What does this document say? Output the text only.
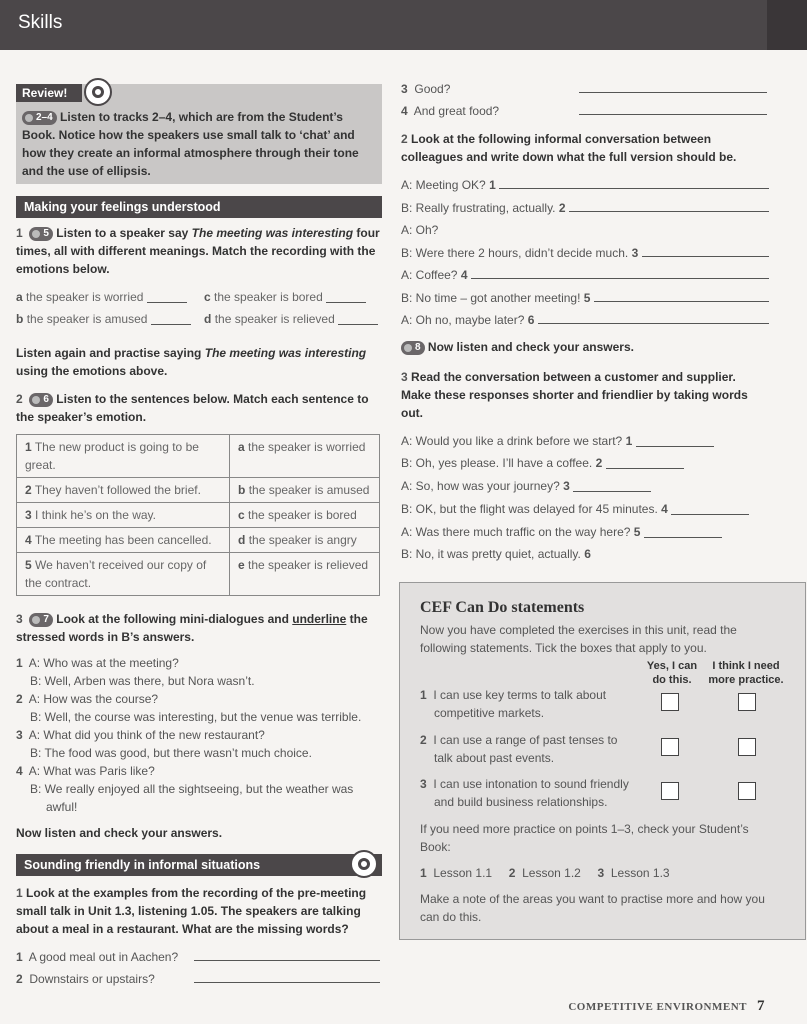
Skills
Review!
2–4 Listen to tracks 2–4, which are from the Student’s Book. Notice how the speakers use small talk to ‘chat’ and how they create an informal atmosphere through their tone and the use of ellipsis.
Making your feelings understood
1 5 Listen to a speaker say The meeting was interesting four times, all with different meanings. Match the recording with the emotions below.
a the speaker is worried
b the speaker is amused
c the speaker is bored
d the speaker is relieved
Listen again and practise saying The meeting was interesting using the emotions above.
2 6 Listen to the sentences below. Match each sentence to the speaker’s emotion.
1 The new product is going to be great.	a the speaker is worried
2 They haven’t followed the brief.	b the speaker is amused
3 I think he’s on the way.	c the speaker is bored
4 The meeting has been cancelled.	d the speaker is angry
5 We haven’t received our copy of the contract.	e the speaker is relieved
3 7 Look at the following mini-dialogues and underline the stressed words in B’s answers.
1 A: Who was at the meeting?
B: Well, Arben was there, but Nora wasn’t.
2 A: How was the course?
B: Well, the course was interesting, but the venue was terrible.
3 A: What did you think of the new restaurant?
B: The food was good, but there wasn’t much choice.
4 A: What was Paris like?
B: We really enjoyed all the sightseeing, but the weather was
awful!
Now listen and check your answers.
Sounding friendly in informal situations
1 Look at the examples from the recording of the pre-meeting small talk in Unit 1.3, listening 1.05. The speakers are talking about a meal in a restaurant. What are the missing words?
1 A good meal out in Aachen?
2 Downstairs or upstairs?
3 Good?
4 And great food?
2 Look at the following informal conversation between colleagues and write down what the full version should be.
A: Meeting OK?
1

B: Really frustrating, actually.
2

A: Oh?
B: Were there 2 hours, didn’t decide much.
3

A: Coffee?
4

B: No time – got another meeting!
5

A: Oh no, maybe later?
6

8 Now listen and check your answers.
3 Read the conversation between a customer and supplier. Make these responses shorter and friendlier by taking words out.
A: Would you like a drink before we start? 1
B: Oh, yes please. I’ll have a coffee. 2
A: So, how was your journey? 3
B: OK, but the flight was delayed for 45 minutes. 4
A: Was there much traffic on the way here? 5
B: No, it was pretty quiet, actually. 6
CEF Can Do statements
Now you have completed the exercises in this unit, read the following statements. Tick the boxes that apply to you.
Yes, I can
do this.
I think I need
more practice.
1 I can use key terms to talk about
competitive markets.
2 I can use a range of past tenses to
talk about past events.
3 I can use intonation to sound friendly
and build business relationships.
If you need more practice on points 1–3, check your Student’s Book:
1 Lesson 1.1 2 Lesson 1.2 3 Lesson 1.3
Make a note of the areas you want to practise more and how you can do this.
COMPETITIVE ENVIRONMENT 7
